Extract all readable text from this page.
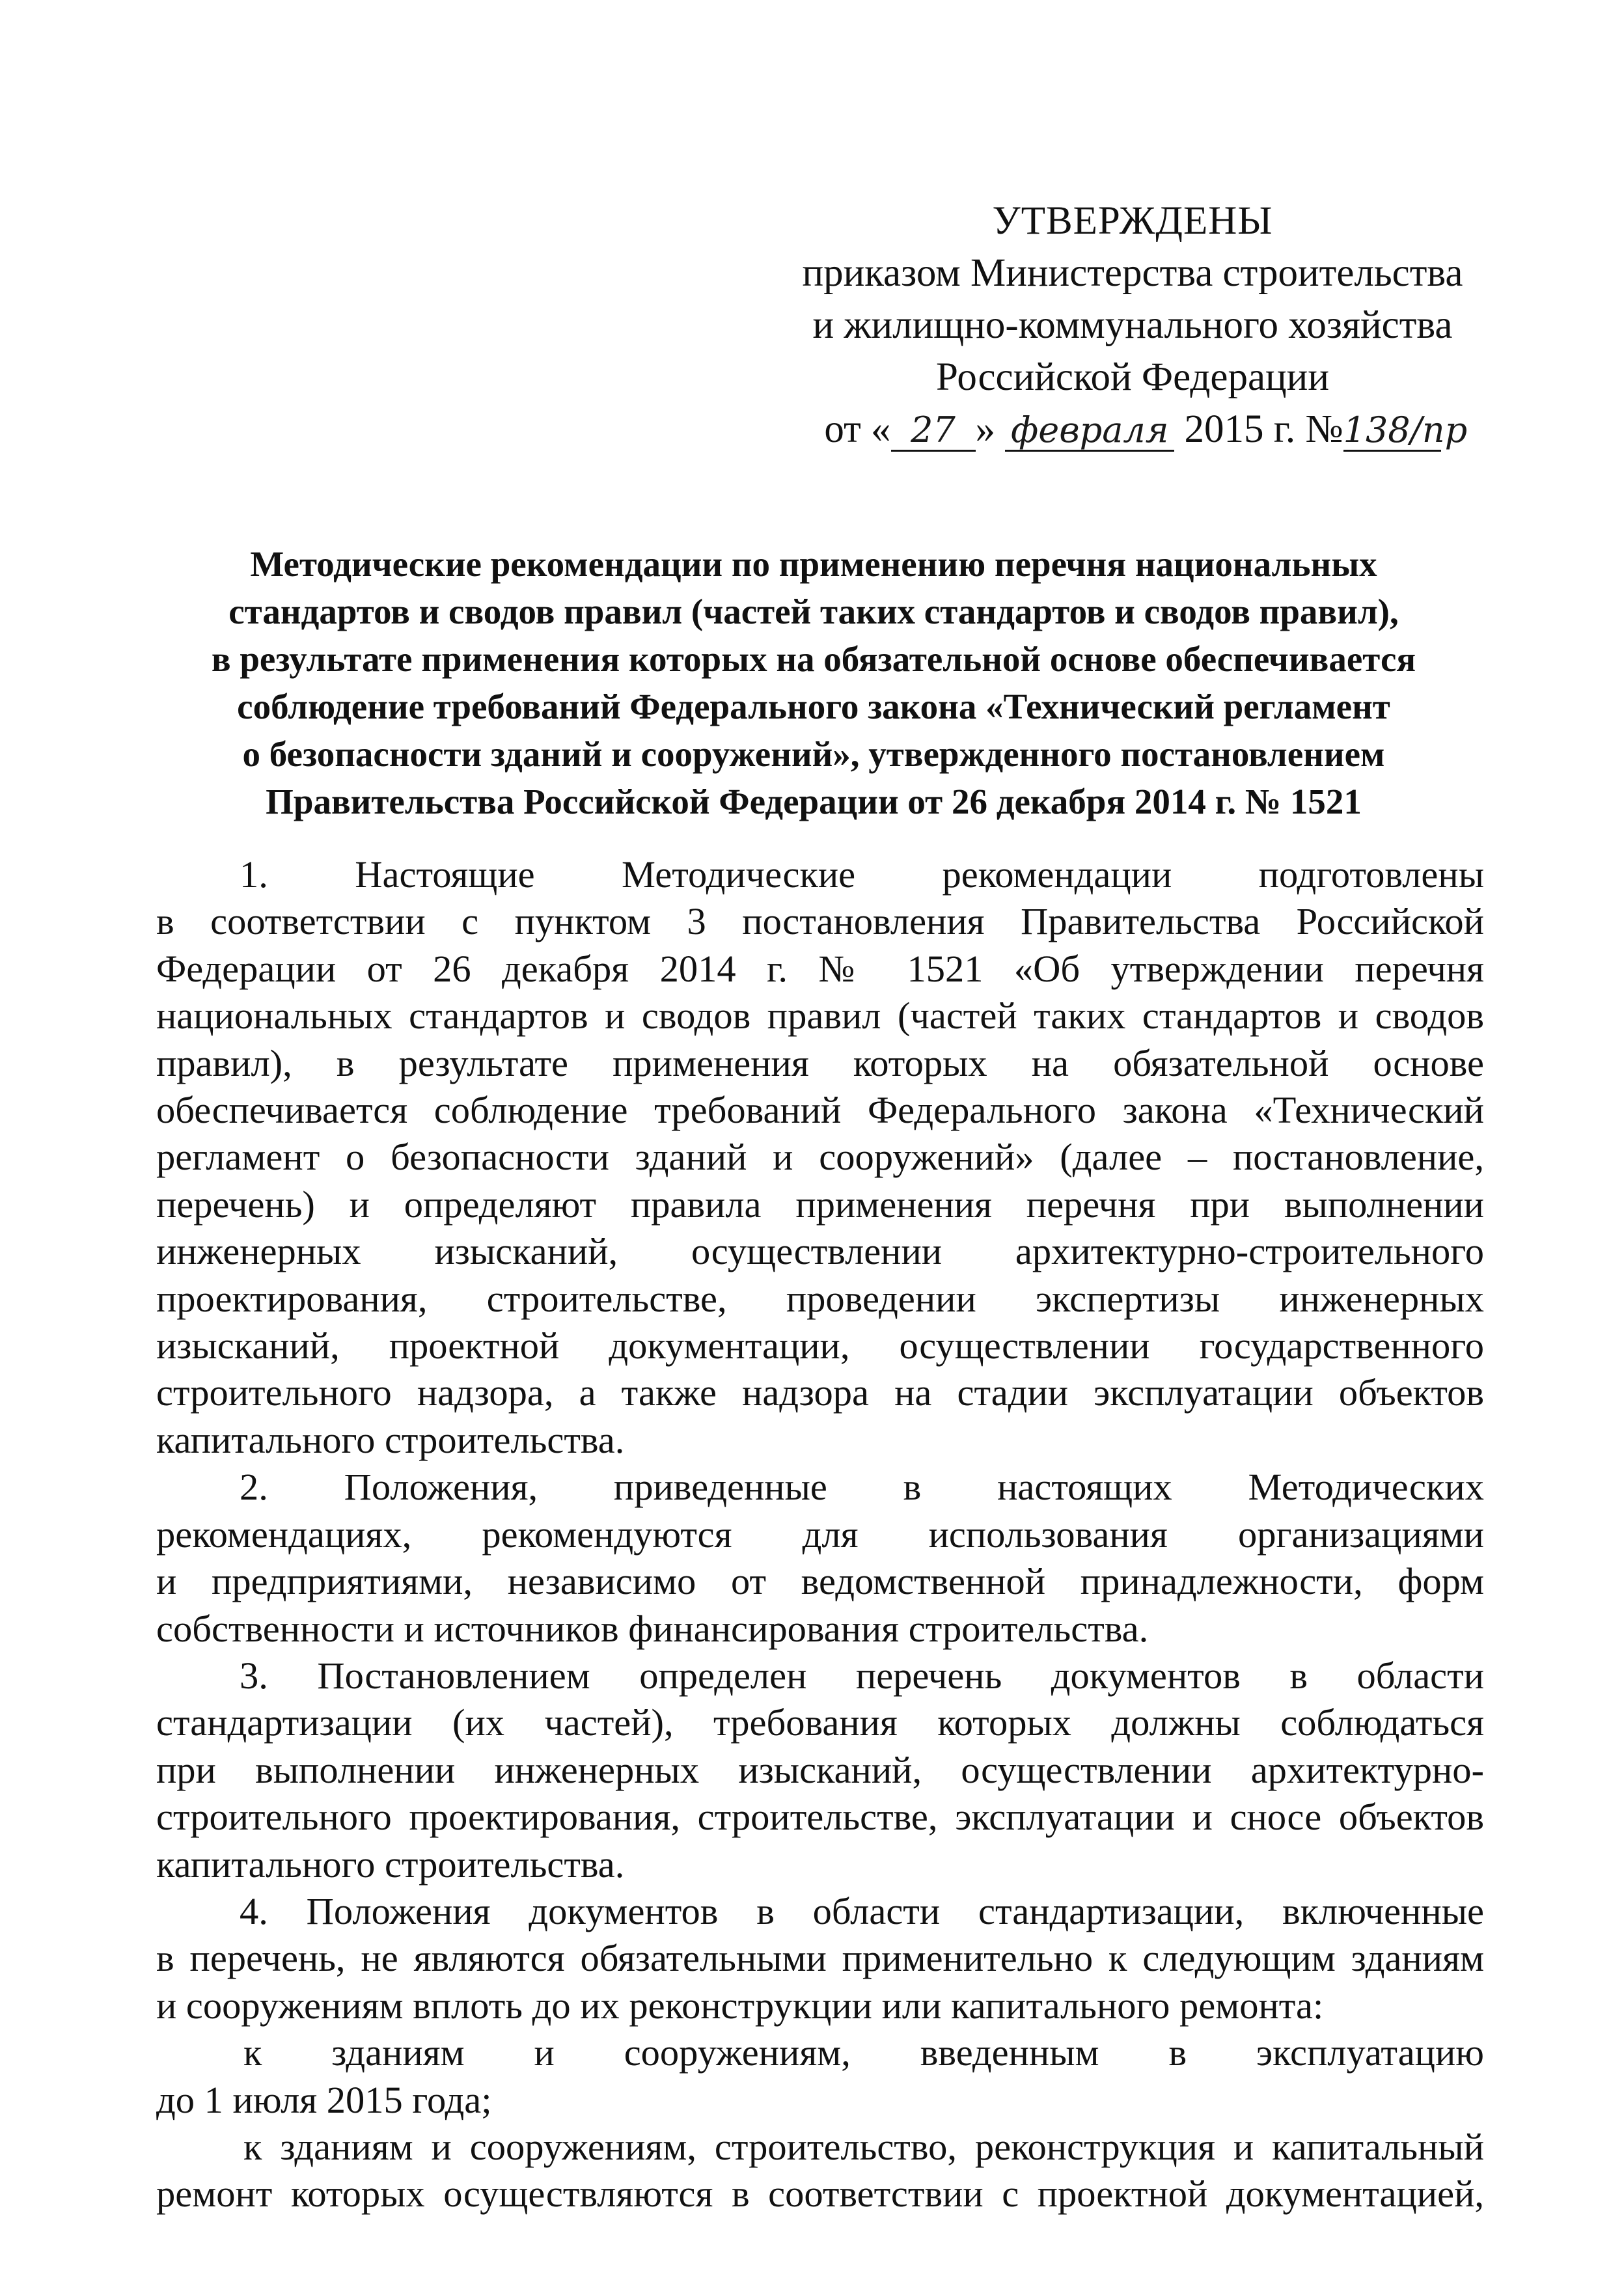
УТВЕРЖДЕНЫ
приказом Министерства строительства
и жилищно-коммунального хозяйства
Российской Федерации
от « 27 » февраля 2015 г. №138/пр
Методические рекомендации по применению перечня национальных
стандартов и сводов правил (частей таких стандартов и сводов правил),
в результате применения которых на обязательной основе обеспечивается
соблюдение требований Федерального закона «Технический регламент
о безопасности зданий и сооружений», утвержденного постановлением
Правительства Российской Федерации от 26 декабря 2014 г. № 1521
1. Настоящие Методические рекомендации подготовлены
в соответствии с пунктом 3 постановления Правительства Российской
Федерации от 26 декабря 2014 г. № 1521 «Об утверждении перечня
национальных стандартов и сводов правил (частей таких стандартов и сводов
правил), в результате применения которых на обязательной основе
обеспечивается соблюдение требований Федерального закона «Технический
регламент о безопасности зданий и сооружений» (далее – постановление,
перечень) и определяют правила применения перечня при выполнении
инженерных изысканий, осуществлении архитектурно-строительного
проектирования, строительстве, проведении экспертизы инженерных
изысканий, проектной документации, осуществлении государственного
строительного надзора, а также надзора на стадии эксплуатации объектов
капитального строительства.
2. Положения, приведенные в настоящих Методических
рекомендациях, рекомендуются для использования организациями
и предприятиями, независимо от ведомственной принадлежности, форм
собственности и источников финансирования строительства.
3. Постановлением определен перечень документов в области
стандартизации (их частей), требования которых должны соблюдаться
при выполнении инженерных изысканий, осуществлении архитектурно-
строительного проектирования, строительстве, эксплуатации и сносе объектов
капитального строительства.
4. Положения документов в области стандартизации, включенные
в перечень, не являются обязательными применительно к следующим зданиям
и сооружениям вплоть до их реконструкции или капитального ремонта:
к зданиям и сооружениям, введенным в эксплуатацию
до 1 июля 2015 года;
к зданиям и сооружениям, строительство, реконструкция и капитальный
ремонт которых осуществляются в соответствии с проектной документацией,
